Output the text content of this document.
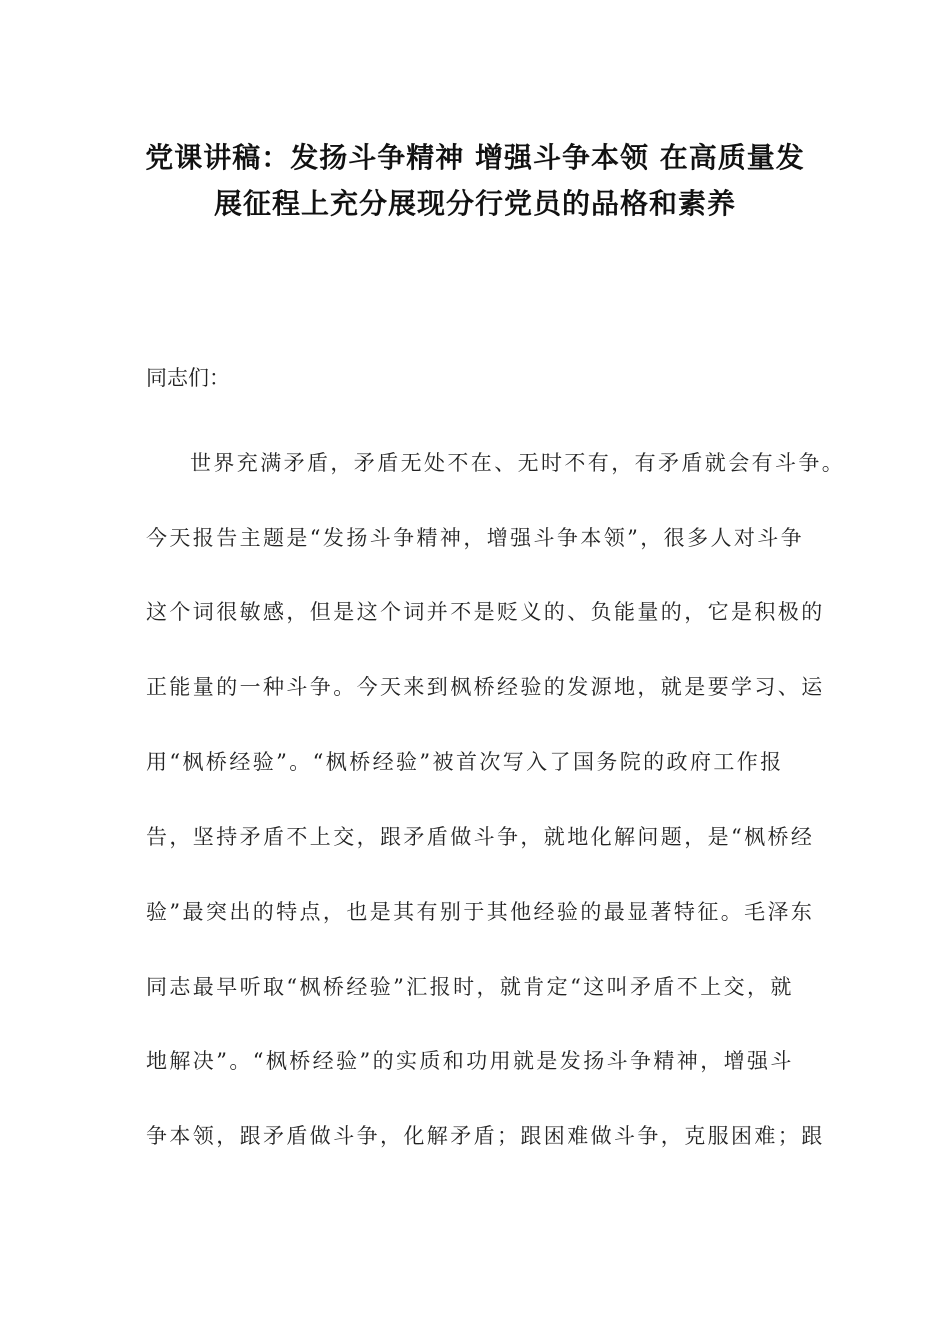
党课讲稿：发扬斗争精神 增强斗争本领 在高质量发
展征程上充分展现分行党员的品格和素养
同志们：
世界充满矛盾，矛盾无处不在、无时不有，有矛盾就会有斗争。
今天报告主题是“发扬斗争精神，增强斗争本领”，很多人对斗争
这个词很敏感，但是这个词并不是贬义的、负能量的，它是积极的
正能量的一种斗争。今天来到枫桥经验的发源地，就是要学习、运
用“枫桥经验”。“枫桥经验”被首次写入了国务院的政府工作报
告，坚持矛盾不上交，跟矛盾做斗争，就地化解问题，是“枫桥经
验”最突出的特点，也是其有别于其他经验的最显著特征。毛泽东
同志最早听取“枫桥经验”汇报时，就肯定“这叫矛盾不上交，就
地解决”。“枫桥经验”的实质和功用就是发扬斗争精神，增强斗
争本领，跟矛盾做斗争，化解矛盾；跟困难做斗争，克服困难；跟
